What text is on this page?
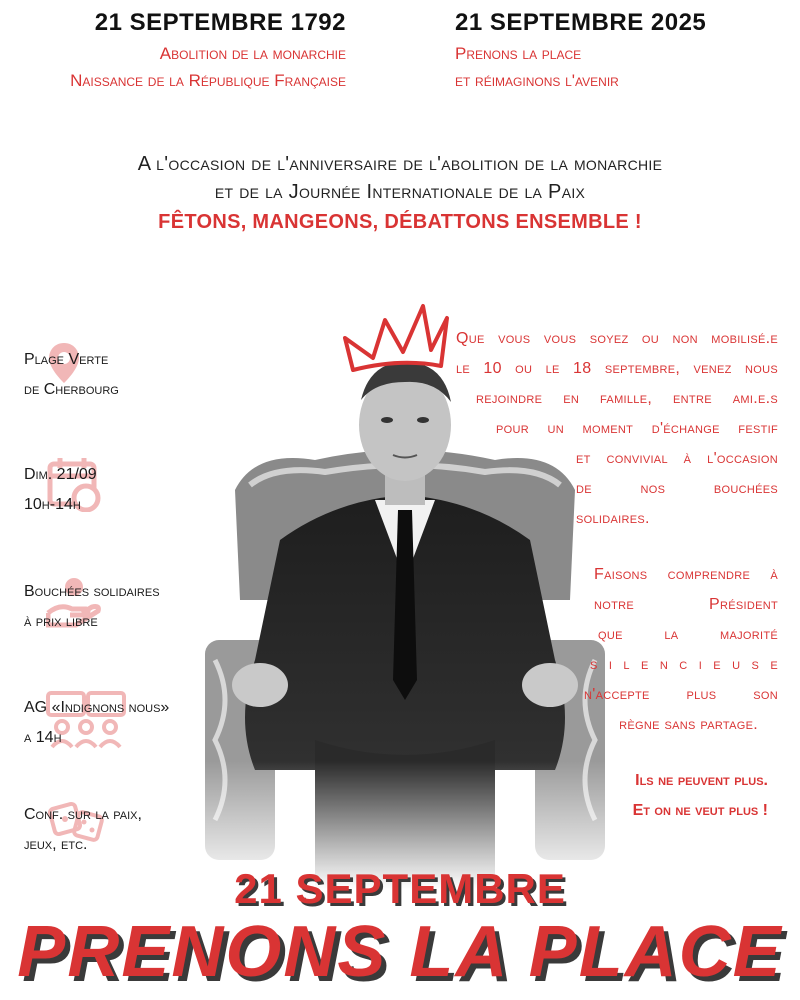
21 SEPTEMBRE 1792
Abolition de la monarchie
Naissance de la République Française
21 SEPTEMBRE 2025
Prenons la place
et réimaginons l'avenir
A l'occasion de l'anniversaire de l'abolition de la monarchie
et de la Journée Internationale de la Paix
FÊTONS, MANGEONS, DÉBATTONS ENSEMBLE !
Plage Verte
de Cherbourg
Dim. 21/09
10h-14h
Bouchées solidaires
à prix libre
AG «Indignons nous»
a 14h
Conf. sur la paix,
jeux, etc.
Que vous vous soyez ou non mobilisé.e
le 10 ou le 18 septembre, venez nous
rejoindre en famille, entre ami.e.s
pour un moment d'échange festif
et convivial à l'occasion
de nos bouchées
solidaires.
Faisons comprendre à
notre Président
que la majorité
s i l e n c i e u s e
n'accepte plus son
règne sans partage.
Ils ne peuvent plus.
Et on ne veut plus !
21 SEPTEMBRE
PRENONS LA PLACE
